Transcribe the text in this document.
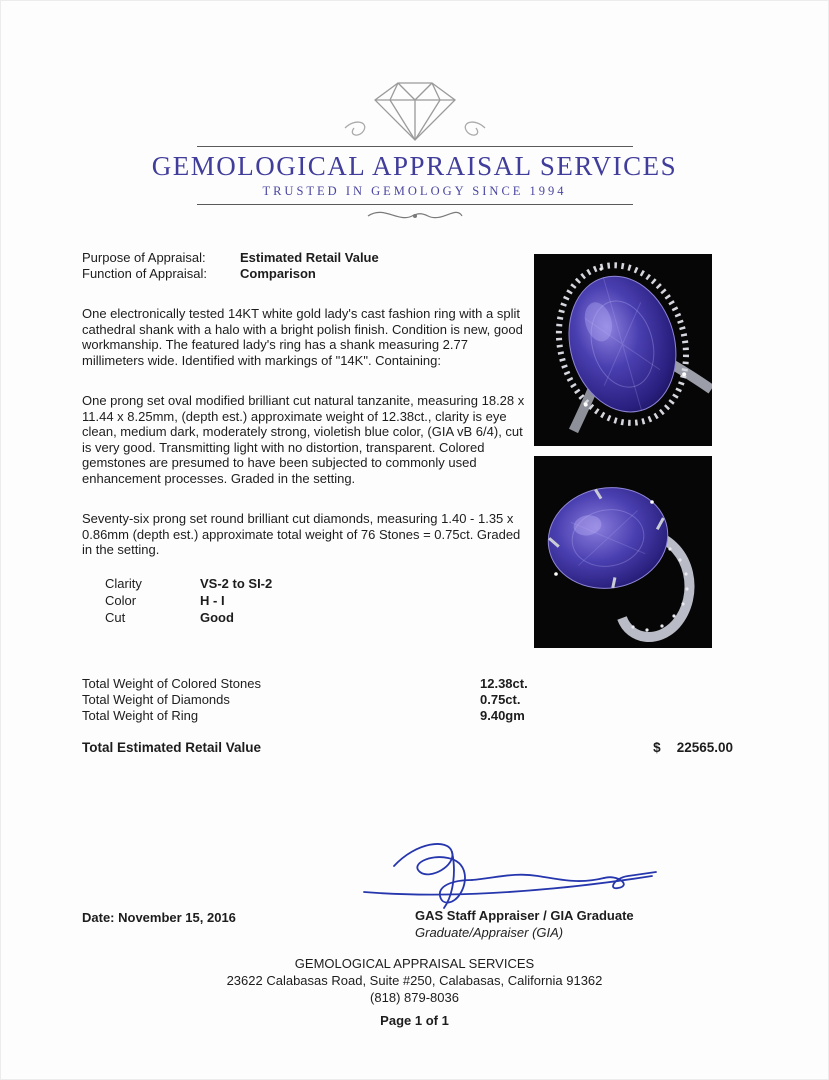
GEMOLOGICAL APPRAISAL SERVICES
TRUSTED IN GEMOLOGY SINCE 1994
Purpose of Appraisal:	Estimated Retail Value
Function of Appraisal:	Comparison
One electronically tested 14KT white gold lady's cast fashion ring with a split cathedral shank with a halo with a bright polish finish. Condition is new, good workmanship. The featured lady's ring has a shank measuring 2.77 millimeters wide. Identified with markings of "14K". Containing:
One prong set oval modified brilliant cut natural tanzanite, measuring 18.28 x 11.44 x 8.25mm, (depth est.) approximate weight of 12.38ct., clarity is eye clean, medium dark, moderately strong, violetish blue color, (GIA vB 6/4), cut is very good. Transmitting light with no distortion, transparent. Colored gemstones are presumed to have been subjected to commonly used enhancement processes. Graded in the setting.
Seventy-six prong set round brilliant cut diamonds, measuring 1.40 - 1.35 x 0.86mm (depth est.) approximate total weight of 76 Stones = 0.75ct. Graded in the setting.
Clarity	VS-2 to SI-2
Color	H - I
Cut	Good
Total Weight of Colored Stones	12.38ct.
Total Weight of Diamonds	0.75ct.
Total Weight of Ring	9.40gm
Total Estimated Retail Value	$ 22565.00
Date: November 15, 2016	GAS Staff Appraiser / GIA Graduate
Graduate/Appraiser (GIA)
GEMOLOGICAL APPRAISAL SERVICES
23622 Calabasas Road, Suite #250, Calabasas, California 91362
(818) 879-8036
Page 1 of 1
